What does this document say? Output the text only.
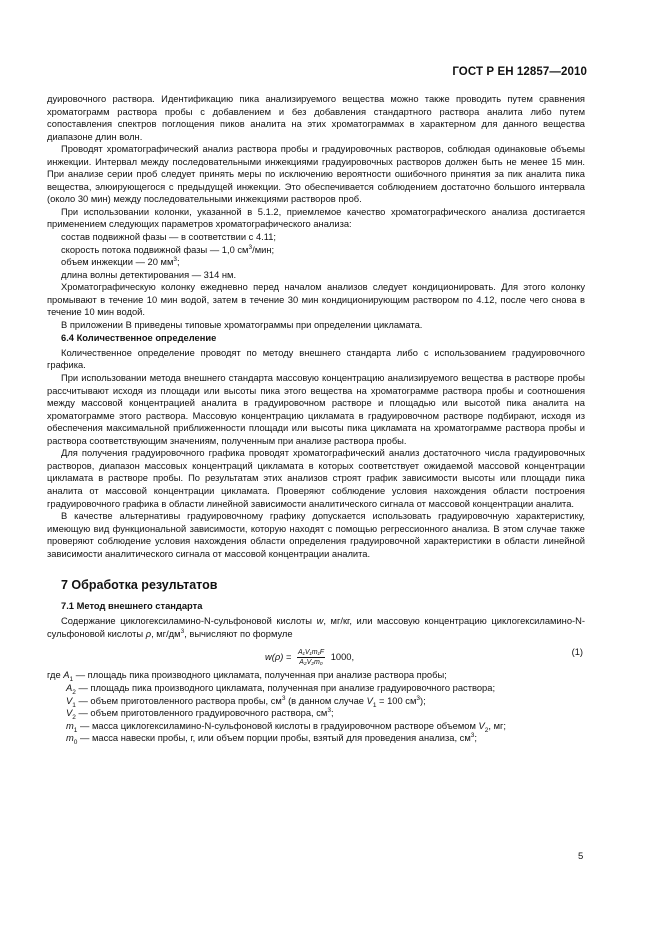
ГОСТ Р ЕН 12857—2010

дуировочного раствора. Идентификацию пика анализируемого вещества можно также проводить путем сравнения хроматограмм раствора пробы с добавлением и без добавления стандартного раствора аналита либо путем сопоставления спектров поглощения пиков аналита на этих хроматограммах в характерном для данного вещества диапазоне длин волн.

Проводят хроматографический анализ раствора пробы и градуировочных растворов, соблюдая одинаковые объемы инжекции. Интервал между последовательными инжекциями градуировочных растворов должен быть не менее 15 мин. При анализе серии проб следует принять меры по исключению вероятности ошибочного принятия за пик аналита пика вещества, элюирующегося с предыдущей инжекции. Это обеспечивается соблюдением достаточно большого интервала (около 30 мин) между последовательными инжекциями растворов проб.

При использовании колонки, указанной в 5.1.2, приемлемое качество хроматографического анализа достигается применением следующих параметров хроматографического анализа:

состав подвижной фазы — в соответствии с 4.11;

скорость потока подвижной фазы — 1,0 $см^3$/мин;

объем инжекции — 20 $мм^3$;

длина волны детектирования — 314 нм.

Хроматографическую колонку ежедневно перед началом анализов следует кондиционировать. Для этого колонку промывают в течение 10 мин водой, затем в течение 30 мин кондиционирующим раствором по 4.12, после чего снова в течение 10 мин водой.

В приложении В приведены типовые хроматограммы при определении цикламата.

6.4 Количественное определение

Количественное определение проводят по методу внешнего стандарта либо с использованием градуировочного графика.

При использовании метода внешнего стандарта массовую концентрацию анализируемого вещества в растворе пробы рассчитывают исходя из площади или высоты пика этого вещества на хроматограмме раствора пробы и соотношения между массовой концентрацией аналита в градуировочном растворе и площадью или высотой пика аналита на хроматограмме этого раствора. Массовую концентрацию цикламата в градуировочном растворе подбирают, исходя из обеспечения максимальной приближенности площади или высоты пика цикламата на хроматограмме раствора пробы и раствора соответствующим значениям, полученным при анализе раствора пробы.

Для получения градуировочного графика проводят хроматографический анализ достаточного числа градуировочных растворов, диапазон массовых концентраций цикламата в которых соответствует ожидаемой массовой концентрации цикламата в растворе пробы. По результатам этих анализов строят график зависимости высоты или площади пика аналита от массовой концентрации цикламата. Проверяют соблюдение условия нахождения области построения градуировочного графика в области линейной зависимости аналитического сигнала от массовой концентрации аналита.

В качестве альтернативы градуировочному графику допускается использовать градуировочную характеристику, имеющую вид функциональной зависимости, которую находят с помощью регрессионного анализа. В этом случае также проверяют соблюдение условия нахождения области определения градуировочной характеристики в области линейной зависимости аналитического сигнала от массовой концентрации аналита.

7 Обработка результатов

7.1 Метод внешнего стандарта

Содержание циклогексиламино-N-сульфоновой кислоты w, мг/кг, или массовую концентрацию циклогексиламино-N-сульфоновой кислоты ρ, $мг/дм^3$, вычисляют по формуле

$w(\rho) = \frac{\text{A₁V₁m₁F}}{\text{A₂V₂m₀}} 1000$,	(1)
где $A_1$ — площадь пика производного цикламата, полученная при анализе раствора пробы;
$A_2$ — площадь пика производного цикламата, полученная при анализе градуировочного раствора;
$V_1$ — объем приготовленного раствора пробы, $см^3$ (в данном случае $V_1 = 100$ $см^3$);
$V_2$ — объем приготовленного градуировочного раствора, $см^3$;
$m_1$ — масса циклогексиламино-N-сульфоновой кислоты в градуировочном растворе объемом $V_2$, мг;
$m_0$ — масса навески пробы, г, или объем порции пробы, взятый для проведения анализа, $см^3$;
5
